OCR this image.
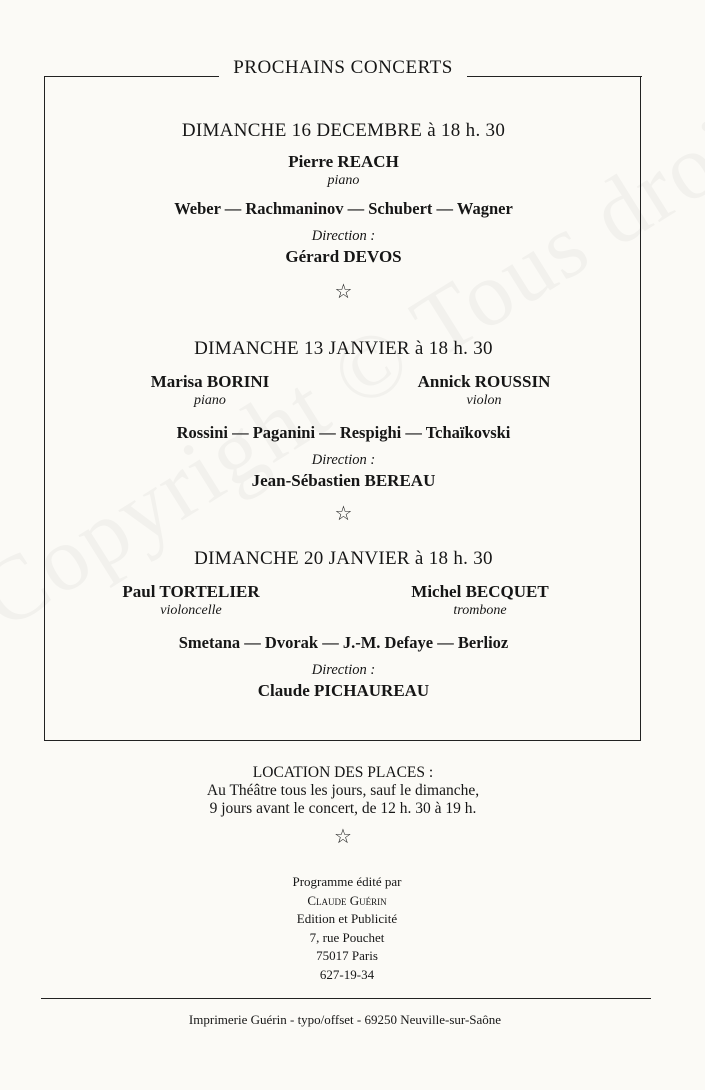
PROCHAINS CONCERTS
DIMANCHE 16 DECEMBRE à 18 h. 30
Pierre REACH
piano
Weber — Rachmaninov — Schubert — Wagner
Direction :
Gérard DEVOS
☆
DIMANCHE 13 JANVIER à 18 h. 30
Marisa BORINI
piano
Annick ROUSSIN
violon
Rossini — Paganini — Respighi — Tchaïkovski
Direction :
Jean-Sébastien BEREAU
☆
DIMANCHE 20 JANVIER à 18 h. 30
Paul TORTELIER
violoncelle
Michel BECQUET
trombone
Smetana — Dvorak — J.-M. Defaye — Berlioz
Direction :
Claude PICHAUREAU
LOCATION DES PLACES :
Au Théâtre tous les jours, sauf le dimanche,
9 jours avant le concert, de 12 h. 30 à 19 h.
☆
Programme édité par
Claude Guérin
Edition et Publicité
7, rue Pouchet
75017 Paris
627-19-34
Imprimerie Guérin - typo/offset - 69250 Neuville-sur-Saône
